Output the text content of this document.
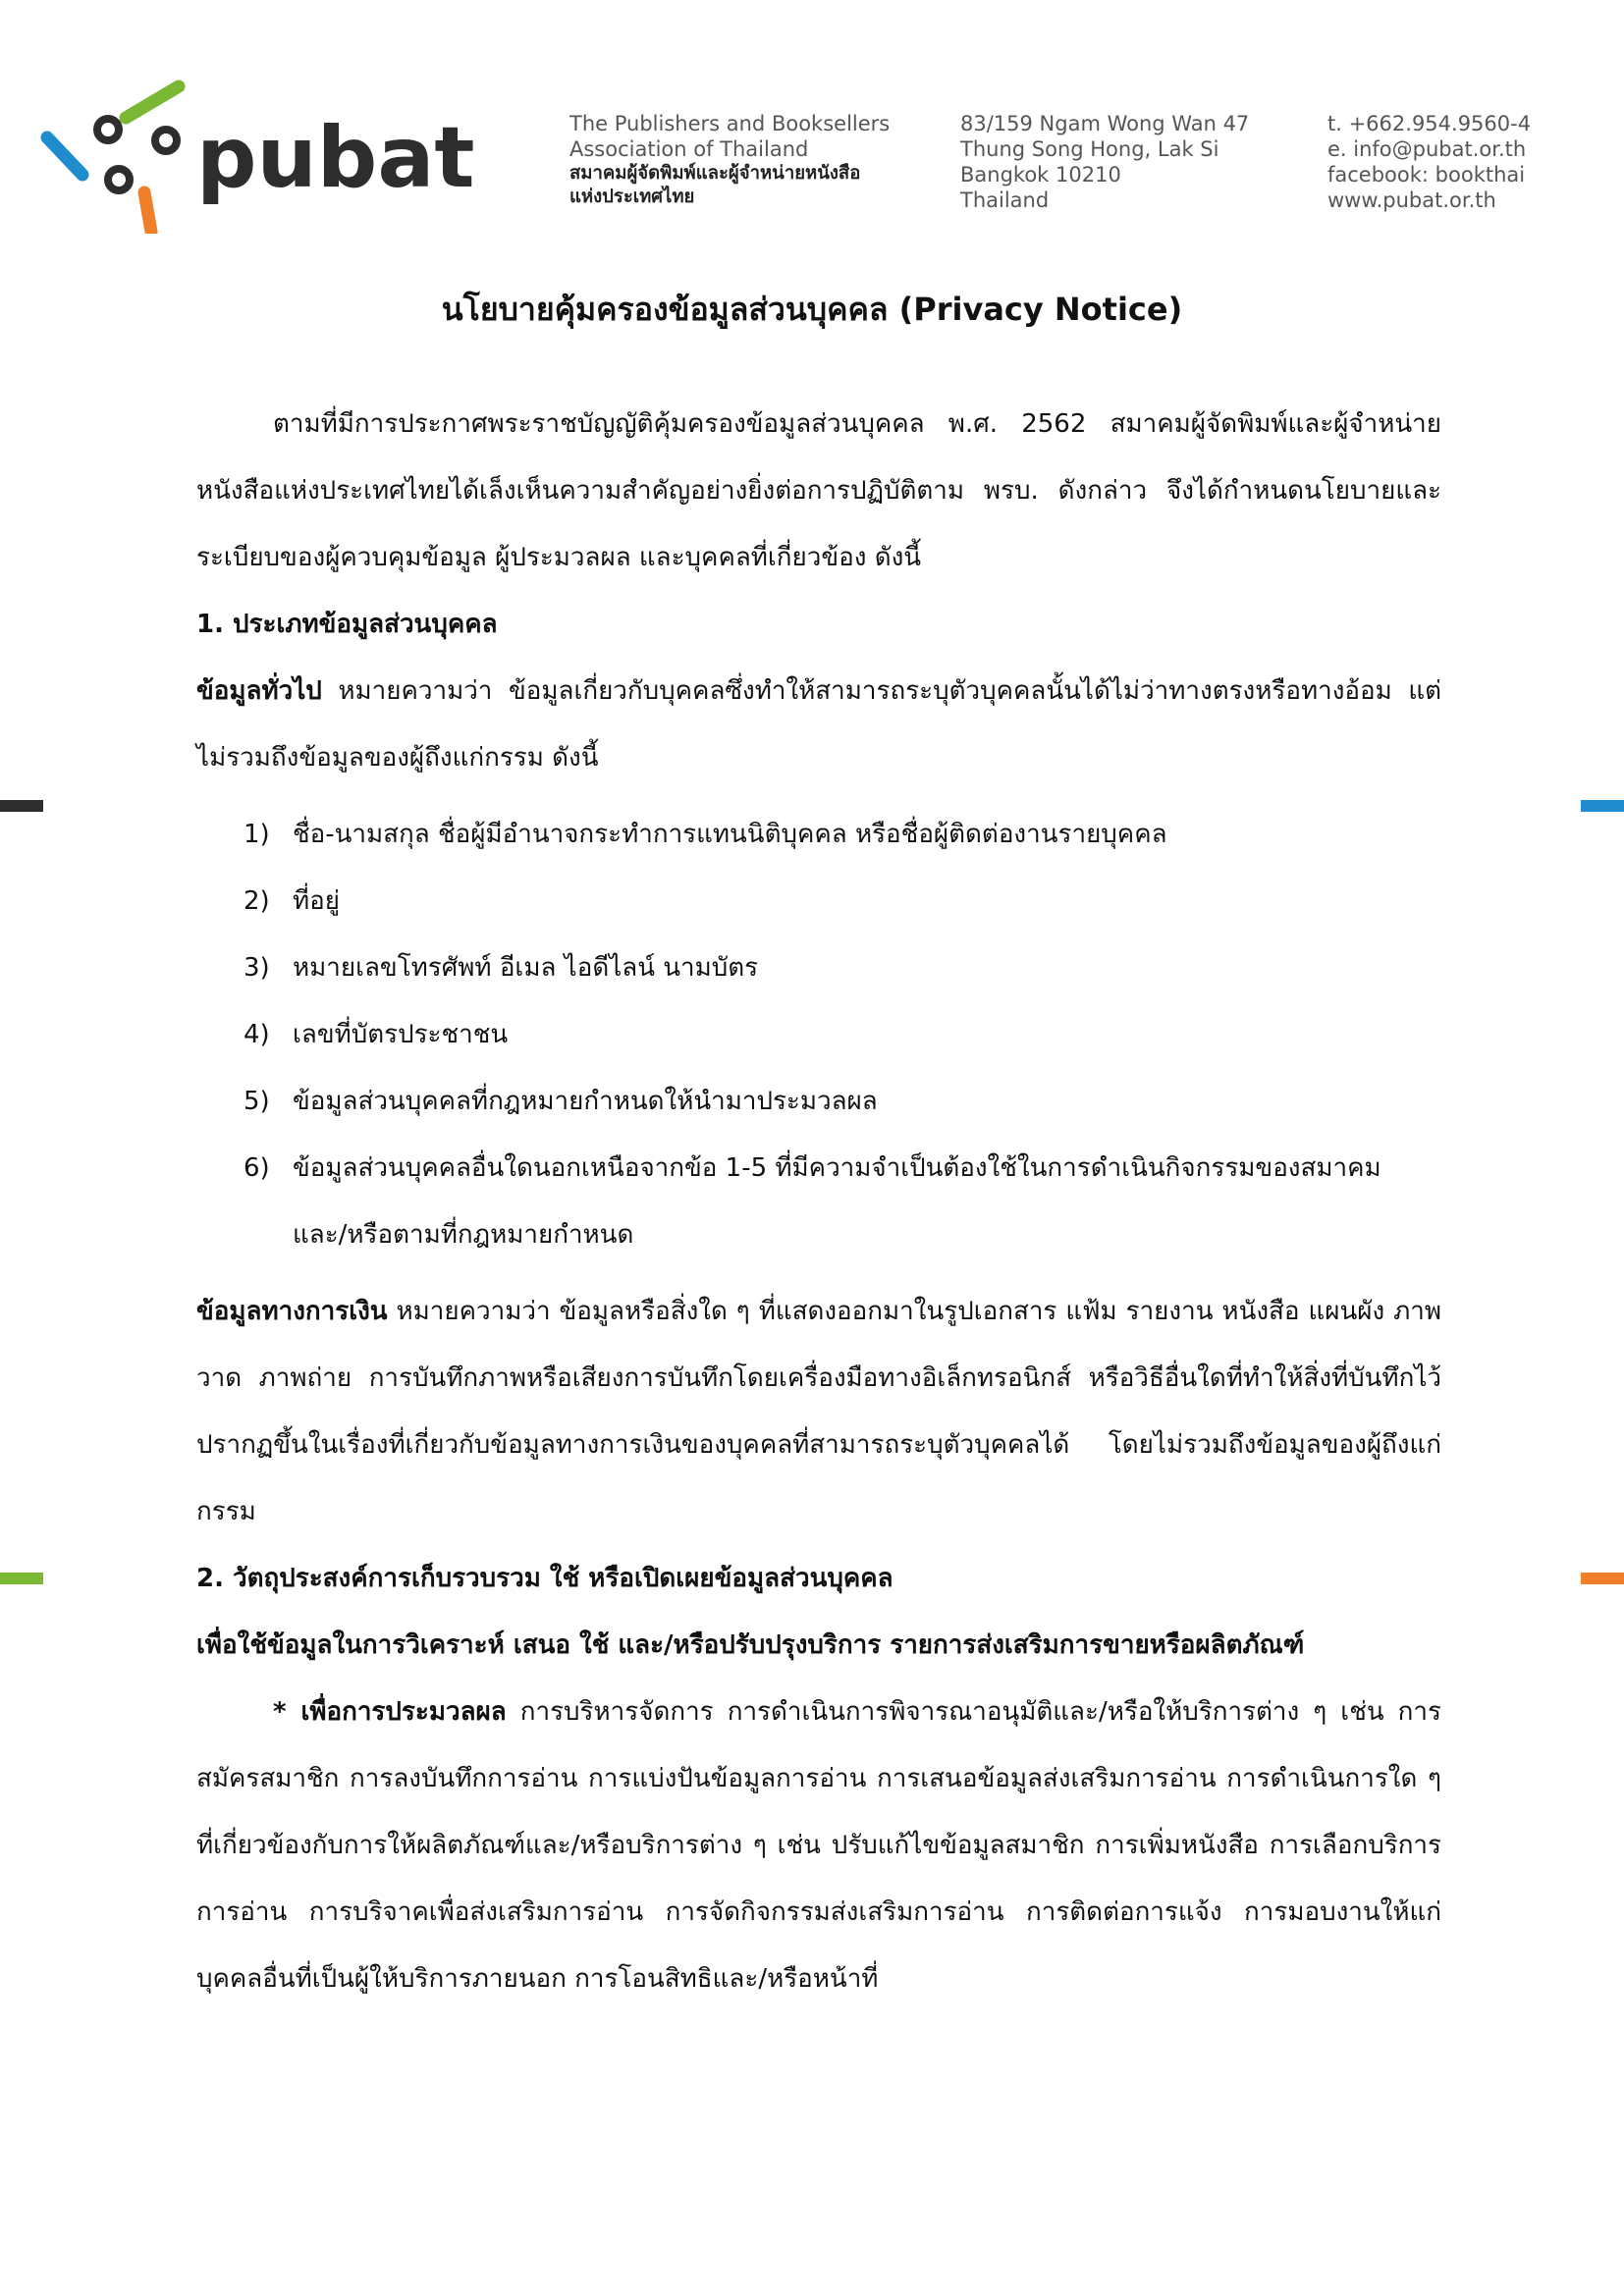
pubat	The Publishers and Booksellers
Association of Thailand
สมาคมผู้จัดพิมพ์และผู้จำหน่ายหนังสือ
แห่งประเทศไทย
83/159 Ngam Wong Wan 47
Thung Song Hong, Lak Si
Bangkok 10210
Thailand
t. +662.954.9560-4
e. info@pubat.or.th
facebook: bookthai
www.pubat.or.th
นโยบายคุ้มครองข้อมูลส่วนบุคคล (Privacy Notice)

ตามที่มีการประกาศพระราชบัญญัติคุ้มครองข้อมูลส่วนบุคคล พ.ศ. 2562 สมาคมผู้จัดพิมพ์และผู้จำหน่ายหนังสือแห่งประเทศไทยได้เล็งเห็นความสำคัญอย่างยิ่งต่อการปฏิบัติตาม พรบ. ดังกล่าว จึงได้กำหนดนโยบายและระเบียบของผู้ควบคุมข้อมูล ผู้ประมวลผล และบุคคลที่เกี่ยวข้อง ดังนี้

1. ประเภทข้อมูลส่วนบุคคล

ข้อมูลทั่วไป หมายความว่า ข้อมูลเกี่ยวกับบุคคลซึ่งทำให้สามารถระบุตัวบุคคลนั้นได้ไม่ว่าทางตรงหรือทางอ้อม แต่ไม่รวมถึงข้อมูลของผู้ถึงแก่กรรม ดังนี้

1) ชื่อ-นามสกุล ชื่อผู้มีอำนาจกระทำการแทนนิติบุคคล หรือชื่อผู้ติดต่องานรายบุคคล
2) ที่อยู่
3) หมายเลขโทรศัพท์ อีเมล ไอดีไลน์ นามบัตร
4) เลขที่บัตรประชาชน
5) ข้อมูลส่วนบุคคลที่กฎหมายกำหนดให้นำมาประมวลผล
6) ข้อมูลส่วนบุคคลอื่นใดนอกเหนือจากข้อ 1-5 ที่มีความจำเป็นต้องใช้ในการดำเนินกิจกรรมของสมาคม และ/หรือตามที่กฎหมายกำหนด

ข้อมูลทางการเงิน หมายความว่า ข้อมูลหรือสิ่งใด ๆ ที่แสดงออกมาในรูปเอกสาร แฟ้ม รายงาน หนังสือ แผนผัง ภาพวาด ภาพถ่าย การบันทึกภาพหรือเสียงการบันทึกโดยเครื่องมือทางอิเล็กทรอนิกส์ หรือวิธีอื่นใดที่ทำให้สิ่งที่บันทึกไว้ปรากฏขึ้นในเรื่องที่เกี่ยวกับข้อมูลทางการเงินของบุคคลที่สามารถระบุตัวบุคคลได้ โดยไม่รวมถึงข้อมูลของผู้ถึงแก่กรรม

2. วัตถุประสงค์การเก็บรวบรวม ใช้ หรือเปิดเผยข้อมูลส่วนบุคคล

เพื่อใช้ข้อมูลในการวิเคราะห์ เสนอ ใช้ และ/หรือปรับปรุงบริการ รายการส่งเสริมการขายหรือผลิตภัณฑ์

* เพื่อการประมวลผล การบริหารจัดการ การดำเนินการพิจารณาอนุมัติและ/หรือให้บริการต่าง ๆ เช่น การสมัครสมาชิก การลงบันทึกการอ่าน การแบ่งปันข้อมูลการอ่าน การเสนอข้อมูลส่งเสริมการอ่าน การดำเนินการใด ๆ ที่เกี่ยวข้องกับการให้ผลิตภัณฑ์และ/หรือบริการต่าง ๆ เช่น ปรับแก้ไขข้อมูลสมาชิก การเพิ่มหนังสือ การเลือกบริการการอ่าน การบริจาคเพื่อส่งเสริมการอ่าน การจัดกิจกรรมส่งเสริมการอ่าน การติดต่อการแจ้ง การมอบงานให้แก่บุคคลอื่นที่เป็นผู้ให้บริการภายนอก การโอนสิทธิและ/หรือหน้าที่
